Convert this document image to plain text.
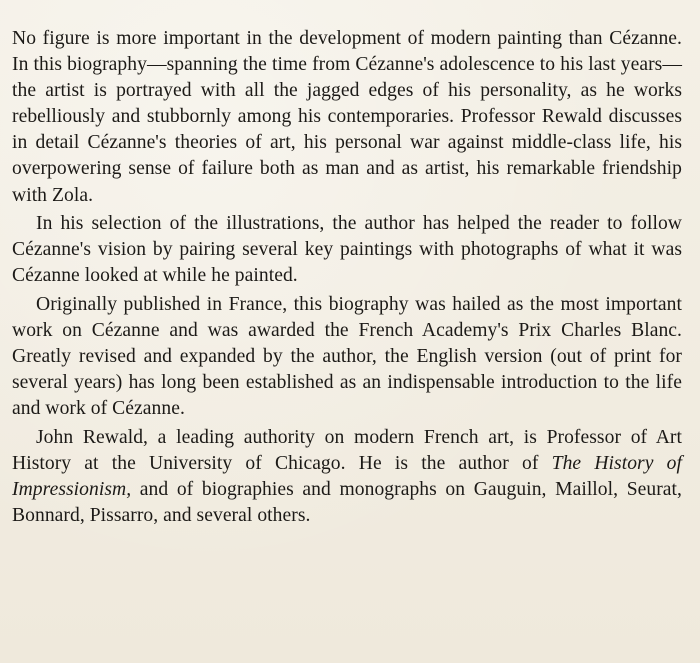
No figure is more important in the development of modern painting than Cézanne. In this biography—spanning the time from Cézanne's adolescence to his last years—the artist is portrayed with all the jagged edges of his personality, as he works rebelliously and stubbornly among his contemporaries. Professor Rewald discusses in detail Cézanne's theories of art, his personal war against middle-class life, his overpowering sense of failure both as man and as artist, his remarkable friendship with Zola.

In his selection of the illustrations, the author has helped the reader to follow Cézanne's vision by pairing several key paintings with photographs of what it was Cézanne looked at while he painted.

Originally published in France, this biography was hailed as the most important work on Cézanne and was awarded the French Academy's Prix Charles Blanc. Greatly revised and expanded by the author, the English version (out of print for several years) has long been established as an indispensable introduction to the life and work of Cézanne.

John Rewald, a leading authority on modern French art, is Professor of Art History at the University of Chicago. He is the author of The History of Impressionism, and of biographies and monographs on Gauguin, Maillol, Seurat, Bonnard, Pissarro, and several others.
